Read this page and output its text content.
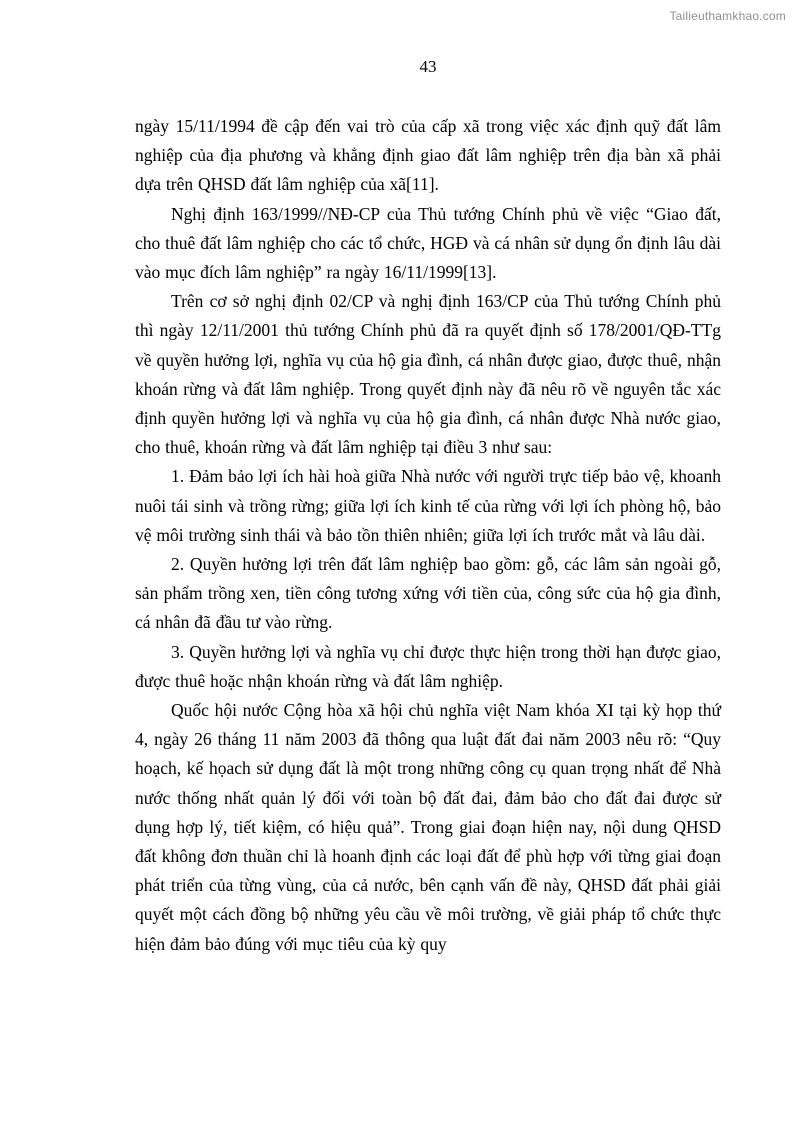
Tailieuthamkhao.com
43

ngày 15/11/1994 đề cập đến vai trò của cấp xã trong việc xác định quỹ đất lâm nghiệp của địa phương và khẳng định giao đất lâm nghiệp trên địa bàn xã phải dựa trên QHSD đất lâm nghiệp của xã[11].

Nghị định 163/1999//NĐ-CP của Thủ tướng Chính phủ về việc “Giao đất, cho thuê đất lâm nghiệp cho các tổ chức, HGĐ và cá nhân sử dụng ổn định lâu dài vào mục đích lâm nghiệp” ra ngày 16/11/1999[13].

Trên cơ sở nghị định 02/CP và nghị định 163/CP của Thủ tướng Chính phủ thì ngày 12/11/2001 thủ tướng Chính phủ đã ra quyết định số 178/2001/QĐ-TTg về quyền hưởng lợi, nghĩa vụ của hộ gia đình, cá nhân được giao, được thuê, nhận khoán rừng và đất lâm nghiệp. Trong quyết định này đã nêu rõ về nguyên tắc xác định quyền hưởng lợi và nghĩa vụ của hộ gia đình, cá nhân được Nhà nước giao, cho thuê, khoán rừng và đất lâm nghiệp tại điều 3 như sau:

1. Đảm bảo lợi ích hài hoà giữa Nhà nước với người trực tiếp bảo vệ, khoanh nuôi tái sinh và trồng rừng; giữa lợi ích kinh tế của rừng với lợi ích phòng hộ, bảo vệ môi trường sinh thái và bảo tồn thiên nhiên; giữa lợi ích trước mắt và lâu dài.

2. Quyền hưởng lợi trên đất lâm nghiệp bao gồm: gỗ, các lâm sản ngoài gỗ, sản phẩm trồng xen, tiền công tương xứng với tiền của, công sức của hộ gia đình, cá nhân đã đầu tư vào rừng.

3. Quyền hưởng lợi và nghĩa vụ chỉ được thực hiện trong thời hạn được giao, được thuê hoặc nhận khoán rừng và đất lâm nghiệp.

Quốc hội nước Cộng hòa xã hội chủ nghĩa việt Nam khóa XI tại kỳ họp thứ 4, ngày 26 tháng 11 năm 2003 đã thông qua luật đất đai năm 2003 nêu rõ: “Quy hoạch, kế họach sử dụng đất là một trong những công cụ quan trọng nhất để Nhà nước thống nhất quản lý đối với toàn bộ đất đai, đảm bảo cho đất đai được sử dụng hợp lý, tiết kiệm, có hiệu quả”. Trong giai đoạn hiện nay, nội dung QHSD đất không đơn thuần chỉ là hoanh định các loại đất để phù hợp với từng giai đoạn phát triển của từng vùng, của cả nước, bên cạnh vấn đề này, QHSD đất phải giải quyết một cách đồng bộ những yêu cầu về môi trường, về giải pháp tổ chức thực hiện đảm bảo đúng với mục tiêu của kỳ quy
